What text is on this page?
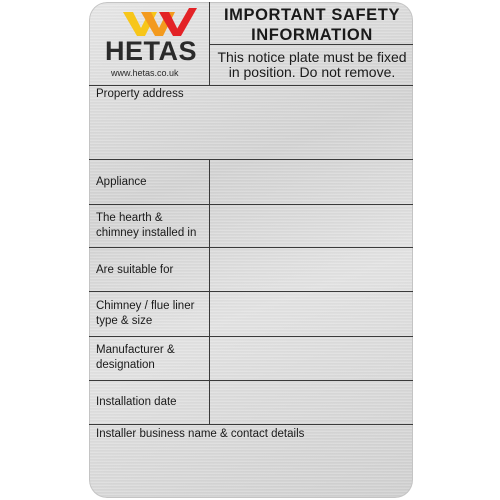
HETAS
www.hetas.co.uk
IMPORTANT SAFETY
INFORMATION
This notice plate must be fixed
in position. Do not remove.
Property address
Appliance
The hearth &
chimney installed in
Are suitable for
Chimney / flue liner
type & size
Manufacturer &
designation
Installation date
Installer business name & contact details
